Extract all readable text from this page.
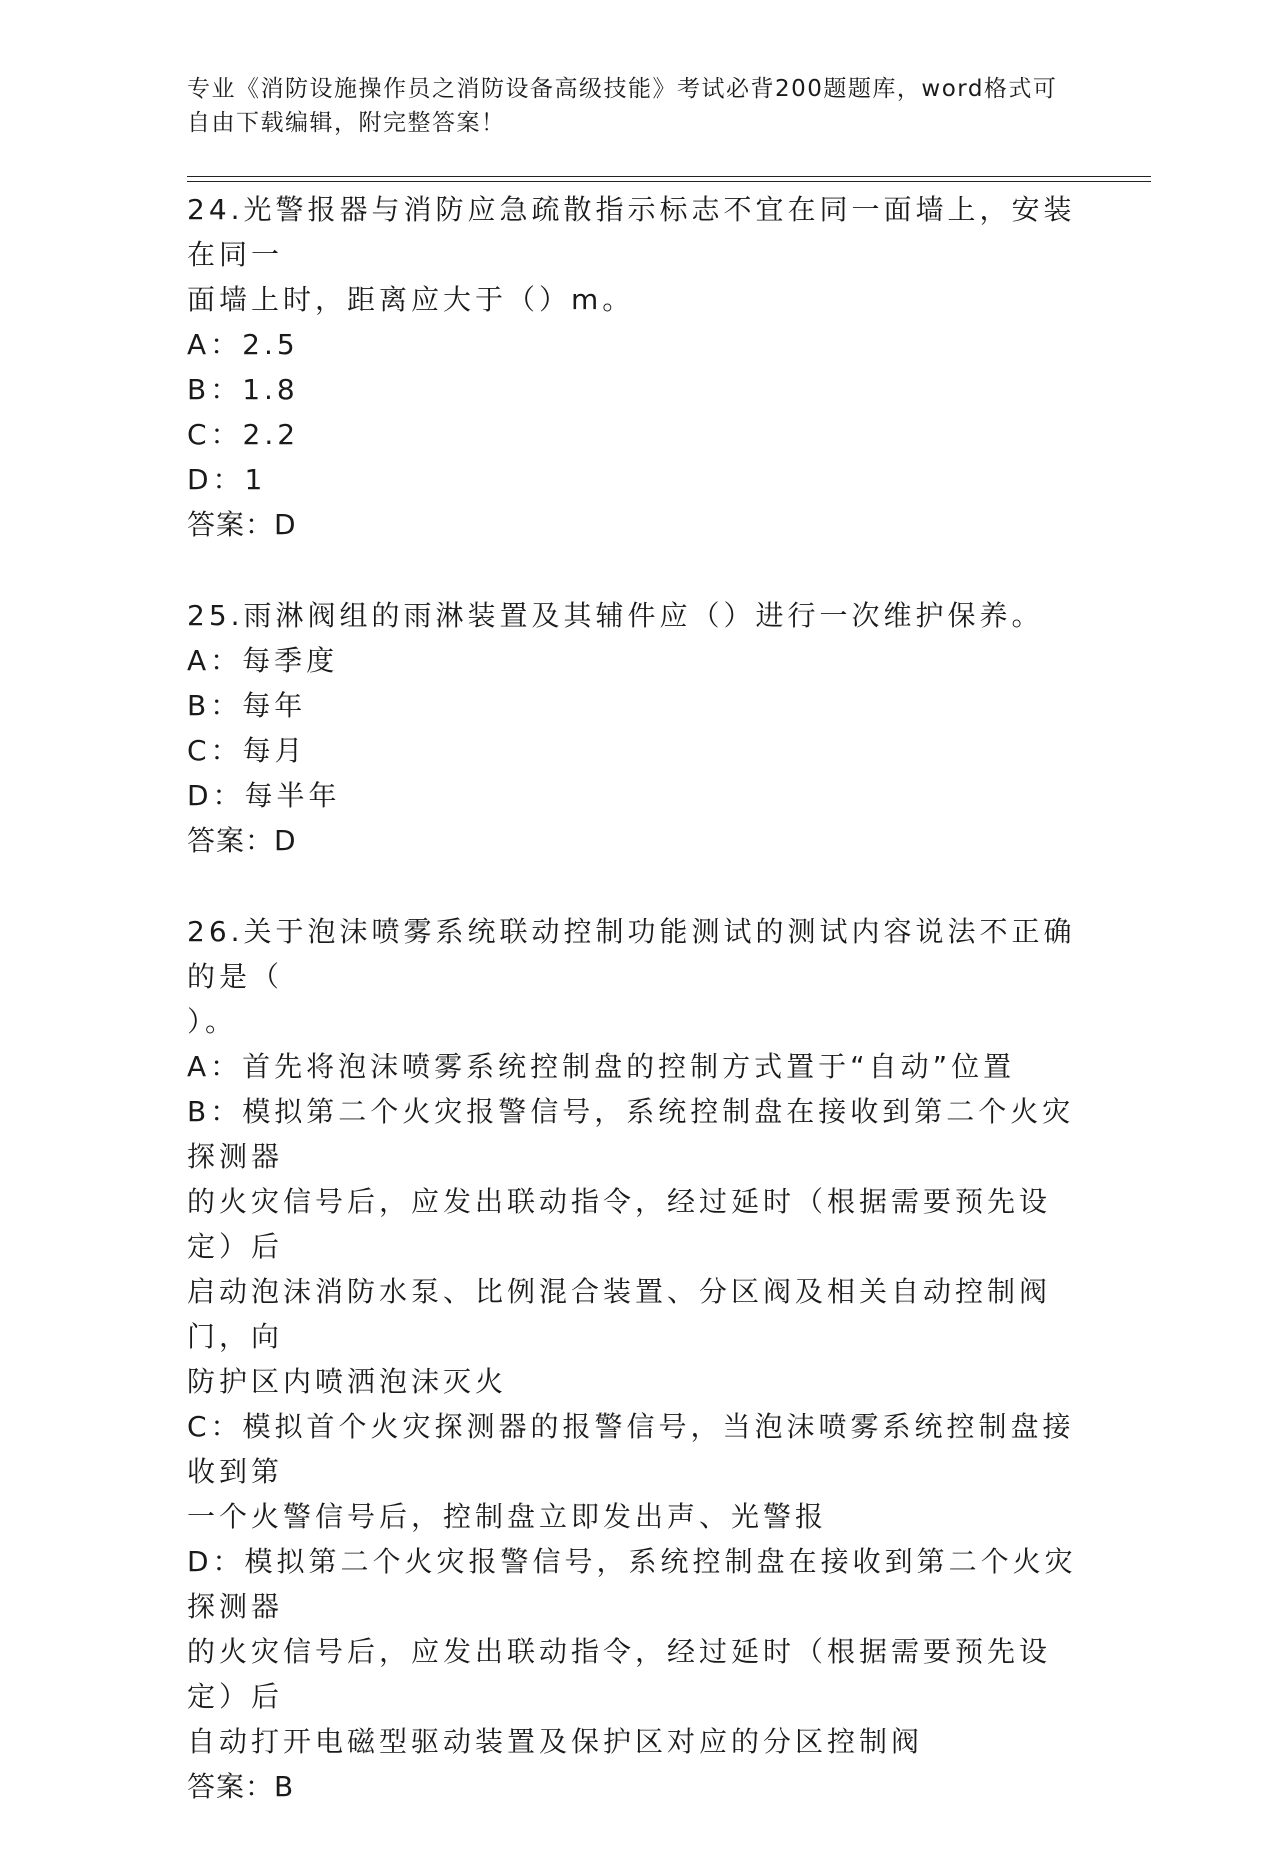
专业《消防设施操作员之消防设备高级技能》考试必背200题题库，word格式可
自由下载编辑，附完整答案！

24.光警报器与消防应急疏散指示标志不宜在同一面墙上，安装在同一

面墙上时，距离应大于（）m。

A：2.5

B：1.8

C：2.2

D：1

答案：D

25.雨淋阀组的雨淋装置及其辅件应（）进行一次维护保养。

A：每季度

B：每年

C：每月

D：每半年

答案：D

26.关于泡沫喷雾系统联动控制功能测试的测试内容说法不正确的是（

）。

A：首先将泡沫喷雾系统控制盘的控制方式置于“自动”位置

B：模拟第二个火灾报警信号，系统控制盘在接收到第二个火灾探测器

的火灾信号后，应发出联动指令，经过延时（根据需要预先设定）后

启动泡沫消防水泵、比例混合装置、分区阀及相关自动控制阀门，向

防护区内喷洒泡沫灭火

C：模拟首个火灾探测器的报警信号，当泡沫喷雾系统控制盘接收到第

一个火警信号后，控制盘立即发出声、光警报

D：模拟第二个火灾报警信号，系统控制盘在接收到第二个火灾探测器

的火灾信号后，应发出联动指令，经过延时（根据需要预先设定）后

自动打开电磁型驱动装置及保护区对应的分区控制阀

答案：B
